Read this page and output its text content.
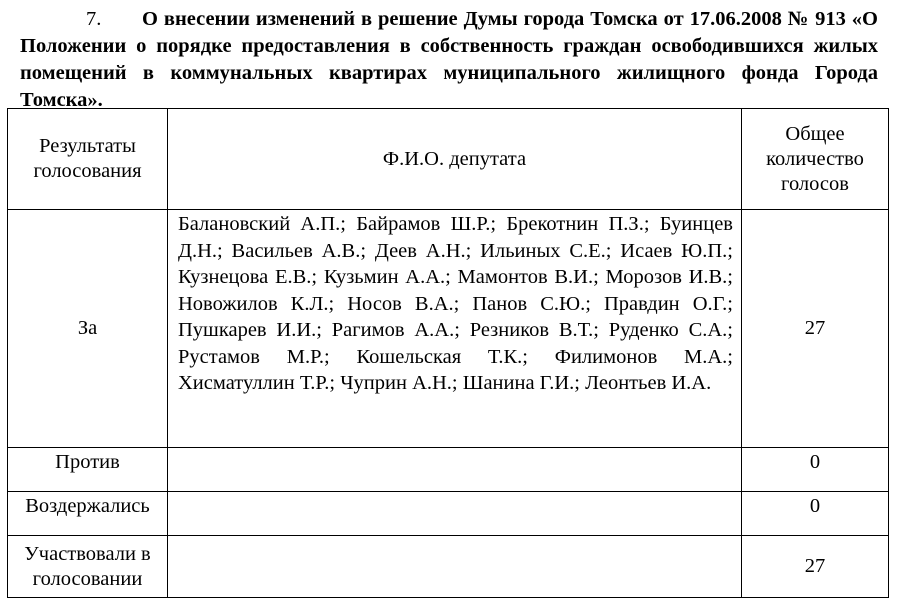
7. О внесении изменений в решение Думы города Томска от 17.06.2008 № 913 «О Положении о порядке предоставления в собственность граждан освободившихся жилых помещений в коммунальных квартирах муниципального жилищного фонда Города Томска».

Результаты голосования	Ф.И.О. депутата	Общее количество голосов
За	Балановский А.П.; Байрамов Ш.Р.; Брекотнин П.З.; Буинцев Д.Н.; Васильев А.В.; Деев А.Н.; Ильиных С.Е.; Исаев Ю.П.; Кузнецова Е.В.; Кузьмин А.А.; Мамонтов В.И.; Морозов И.В.; Новожилов К.Л.; Носов В.А.; Панов С.Ю.; Правдин О.Г.; Пушкарев И.И.; Рагимов А.А.; Резников В.Т.; Руденко С.А.; Рустамов М.Р.; Кошельская Т.К.; Филимонов М.А.; Хисматуллин Т.Р.; Чуприн А.Н.; Шанина Г.И.; Леонтьев И.А.	27
Против		0
Воздержались		0
Участвовали в голосовании		27
